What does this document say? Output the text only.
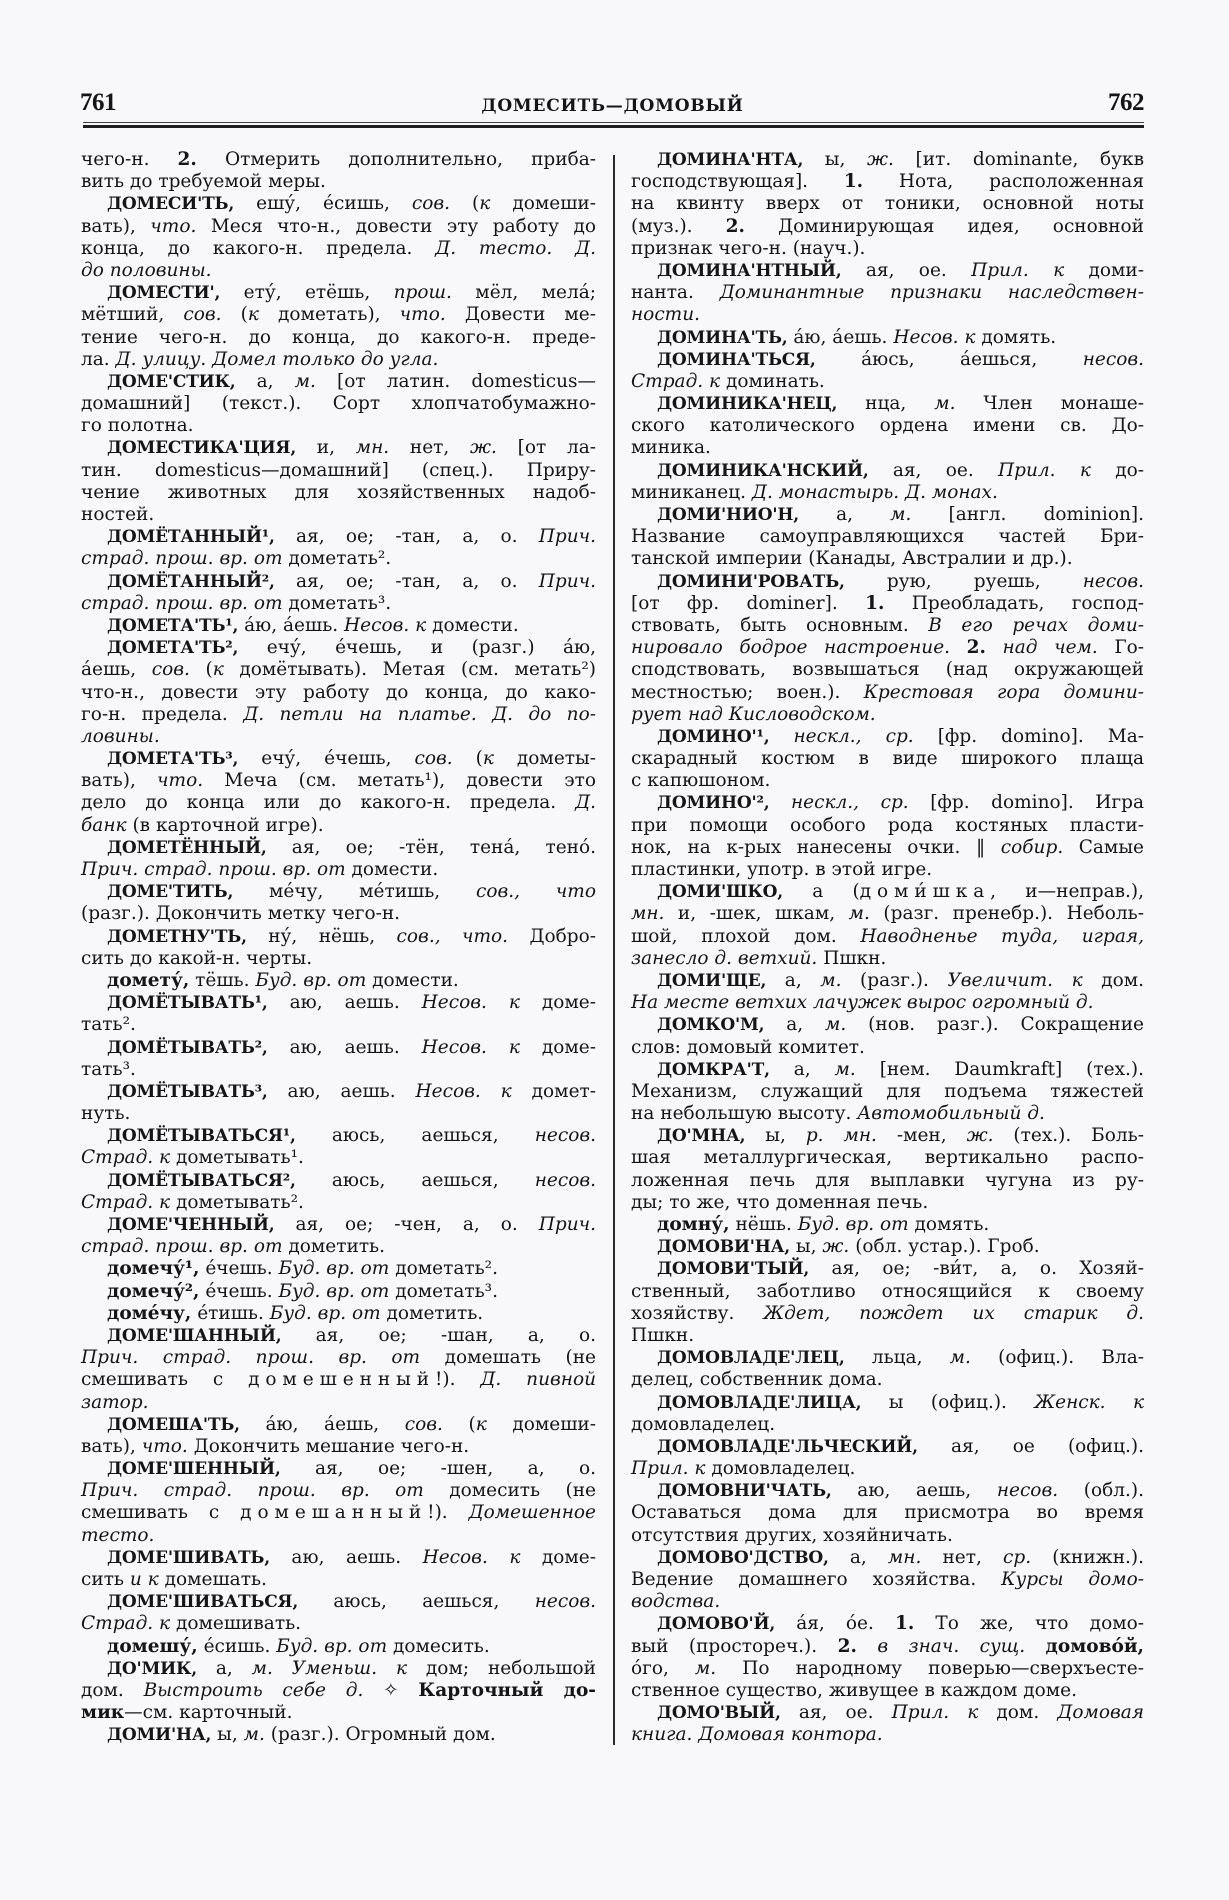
761	ДОМЕСИТЬ—ДОМОВЫЙ	762
чего-н. 2. Отмерить дополнительно, приба-
вить до требуемой меры.
ДОМЕСИ'ТЬ, ешу́, е́сишь, сов. (к домеши-
вать), что. Меся что-н., довести эту работу до
конца, до какого-н. предела. Д. тесто. Д.
до половины.
ДОМЕСТИ', ету́, етёшь, прош. мёл, мела́;
мётший, сов. (к дометать), что. Довести ме-
тение чего-н. до конца, до какого-н. преде-
ла. Д. улицу. Домел только до угла.
ДОМЕ'СТИК, а, м. [от латин. domesticus—
домашний] (текст.). Сорт хлопчатобумажно-
го полотна.
ДОМЕСТИКА'ЦИЯ, и, мн. нет, ж. [от ла-
тин. domesticus—домашний] (спец.). Приру-
чение животных для хозяйственных надоб-
ностей.
ДОМЁТАННЫЙ¹, ая, ое; -тан, а, о. Прич.
страд. прош. вр. от дометать².
ДОМЁТАННЫЙ², ая, ое; -тан, а, о. Прич.
страд. прош. вр. от дометать³.
ДОМЕТА'ТЬ¹, а́ю, а́ешь. Несов. к домести.
ДОМЕТА'ТЬ², ечу́, е́чешь, и (разг.) а́ю,
а́ешь, сов. (к домётывать). Метая (см. метать²)
что-н., довести эту работу до конца, до како-
го-н. предела. Д. петли на платье. Д. до по-
ловины.
ДОМЕТА'ТЬ³, ечу́, е́чешь, сов. (к дометы-
вать), что. Меча (см. метать¹), довести это
дело до конца или до какого-н. предела. Д.
банк (в карточной игре).
ДОМЕТЁННЫЙ, ая, ое; -тён, тена́, тено́.
Прич. страд. прош. вр. от домести.
ДОМЕ'ТИТЬ, ме́чу, ме́тишь, сов., что
(разг.). Докончить метку чего-н.
ДОМЕТНУ'ТЬ, ну́, нёшь, сов., что. Добро-
сить до какой-н. черты.
домету́, тёшь. Буд. вр. от домести.
ДОМЁТЫВАТЬ¹, аю, аешь. Несов. к доме-
тать².
ДОМЁТЫВАТЬ², аю, аешь. Несов. к доме-
тать³.
ДОМЁТЫВАТЬ³, аю, аешь. Несов. к домет-
нуть.
ДОМЁТЫВАТЬСЯ¹, аюсь, аешься, несов.
Страд. к дометывать¹.
ДОМЁТЫВАТЬСЯ², аюсь, аешься, несов.
Страд. к дометывать².
ДОМЕ'ЧЕННЫЙ, ая, ое; -чен, а, о. Прич.
страд. прош. вр. от дометить.
домечу́¹, е́чешь. Буд. вр. от дометать².
домечу́², е́чешь. Буд. вр. от дометать³.
доме́чу, е́тишь. Буд. вр. от дометить.
ДОМЕ'ШАННЫЙ, ая, ое; -шан, а, о.
Прич. страд. прош. вр. от домешать (не
смешивать с домешенный!). Д. пивной
затор.
ДОМЕША'ТЬ, а́ю, а́ешь, сов. (к домеши-
вать), что. Докончить мешание чего-н.
ДОМЕ'ШЕННЫЙ, ая, ое; -шен, а, о.
Прич. страд. прош. вр. от домесить (не
смешивать с домешанный!). Домешенное
тесто.
ДОМЕ'ШИВАТЬ, аю, аешь. Несов. к доме-
сить и к домешать.
ДОМЕ'ШИВАТЬСЯ, аюсь, аешься, несов.
Страд. к домешивать.
домешу́, е́сишь. Буд. вр. от домесить.
ДО'МИК, а, м. Уменьш. к дом; небольшой
дом. Выстроить себе д. ✧ Карточный до-
мик—см. карточный.
ДОМИ'НА, ы, м. (разг.). Огромный дом.
ДОМИНА'НТА, ы, ж. [ит. dominante, букв
господствующая]. 1. Нота, расположенная
на квинту вверх от тоники, основной ноты
(муз.). 2. Доминирующая идея, основной
признак чего-н. (науч.).
ДОМИНА'НТНЫЙ, ая, ое. Прил. к доми-
нанта. Доминантные признаки наследствен-
ности.
ДОМИНА'ТЬ, а́ю, а́ешь. Несов. к домять.
ДОМИНА'ТЬСЯ, а́юсь, а́ешься, несов.
Страд. к доминать.
ДОМИНИКА'НЕЦ, нца, м. Член монаше-
ского католического ордена имени св. До-
миника.
ДОМИНИКА'НСКИЙ, ая, ое. Прил. к до-
миниканец. Д. монастырь. Д. монах.
ДОМИ'НИО'Н, а, м. [англ. dominion].
Название самоуправляющихся частей Бри-
танской империи (Канады, Австралии и др.).
ДОМИНИ'РОВАТЬ, рую, руешь, несов.
[от фр. dominer]. 1. Преобладать, господ-
ствовать, быть основным. В его речах доми-
нировало бодрое настроение. 2. над чем. Го-
сподствовать, возвышаться (над окружающей
местностью; воен.). Крестовая гора домини-
рует над Кисловодском.
ДОМИНО'¹, нескл., ср. [фр. domino]. Ма-
скарадный костюм в виде широкого плаща
с капюшоном.
ДОМИНО'², нескл., ср. [фр. domino]. Игра
при помощи особого рода костяных пласти-
нок, на к-рых нанесены очки. ‖ собир. Самые
пластинки, употр. в этой игре.
ДОМИ'ШКО, а (доми́шка, и—неправ.),
мн. и, -шек, шкам, м. (разг. пренебр.). Неболь-
шой, плохой дом. Наводненье туда, играя,
занесло д. ветхий. Пшкн.
ДОМИ'ЩЕ, а, м. (разг.). Увеличит. к дом.
На месте ветхих лачужек вырос огромный д.
ДОМКО'М, а, м. (нов. разг.). Сокращение
слов: домовый комитет.
ДОМКРА'Т, а, м. [нем. Daumkraft] (тех.).
Механизм, служащий для подъема тяжестей
на небольшую высоту. Автомобильный д.
ДО'МНА, ы, р. мн. -мен, ж. (тех.). Боль-
шая металлургическая, вертикально распо-
ложенная печь для выплавки чугуна из ру-
ды; то же, что доменная печь.
домну́, нёшь. Буд. вр. от домять.
ДОМОВИ'НА, ы, ж. (обл. устар.). Гроб.
ДОМОВИ'ТЫЙ, ая, ое; -ви́т, а, о. Хозяй-
ственный, заботливо относящийся к своему
хозяйству. Ждет, пождет их старик д.
Пшкн.
ДОМОВЛАДЕ'ЛЕЦ, льца, м. (офиц.). Вла-
делец, собственник дома.
ДОМОВЛАДЕ'ЛИЦА, ы (офиц.). Женск. к
домовладелец.
ДОМОВЛАДЕ'ЛЬЧЕСКИЙ, ая, ое (офиц.).
Прил. к домовладелец.
ДОМОВНИ'ЧАТЬ, аю, аешь, несов. (обл.).
Оставаться дома для присмотра во время
отсутствия других, хозяйничать.
ДОМОВО'ДСТВО, а, мн. нет, ср. (книжн.).
Ведение домашнего хозяйства. Курсы домо-
водства.
ДОМОВО'Й, а́я, о́е. 1. То же, что домо-
вый (простореч.). 2. в знач. сущ. домово́й,
о́го, м. По народному поверью—сверхъесте-
ственное существо, живущее в каждом доме.
ДОМО'ВЫЙ, ая, ое. Прил. к дом. Домовая
книга. Домовая контора.
